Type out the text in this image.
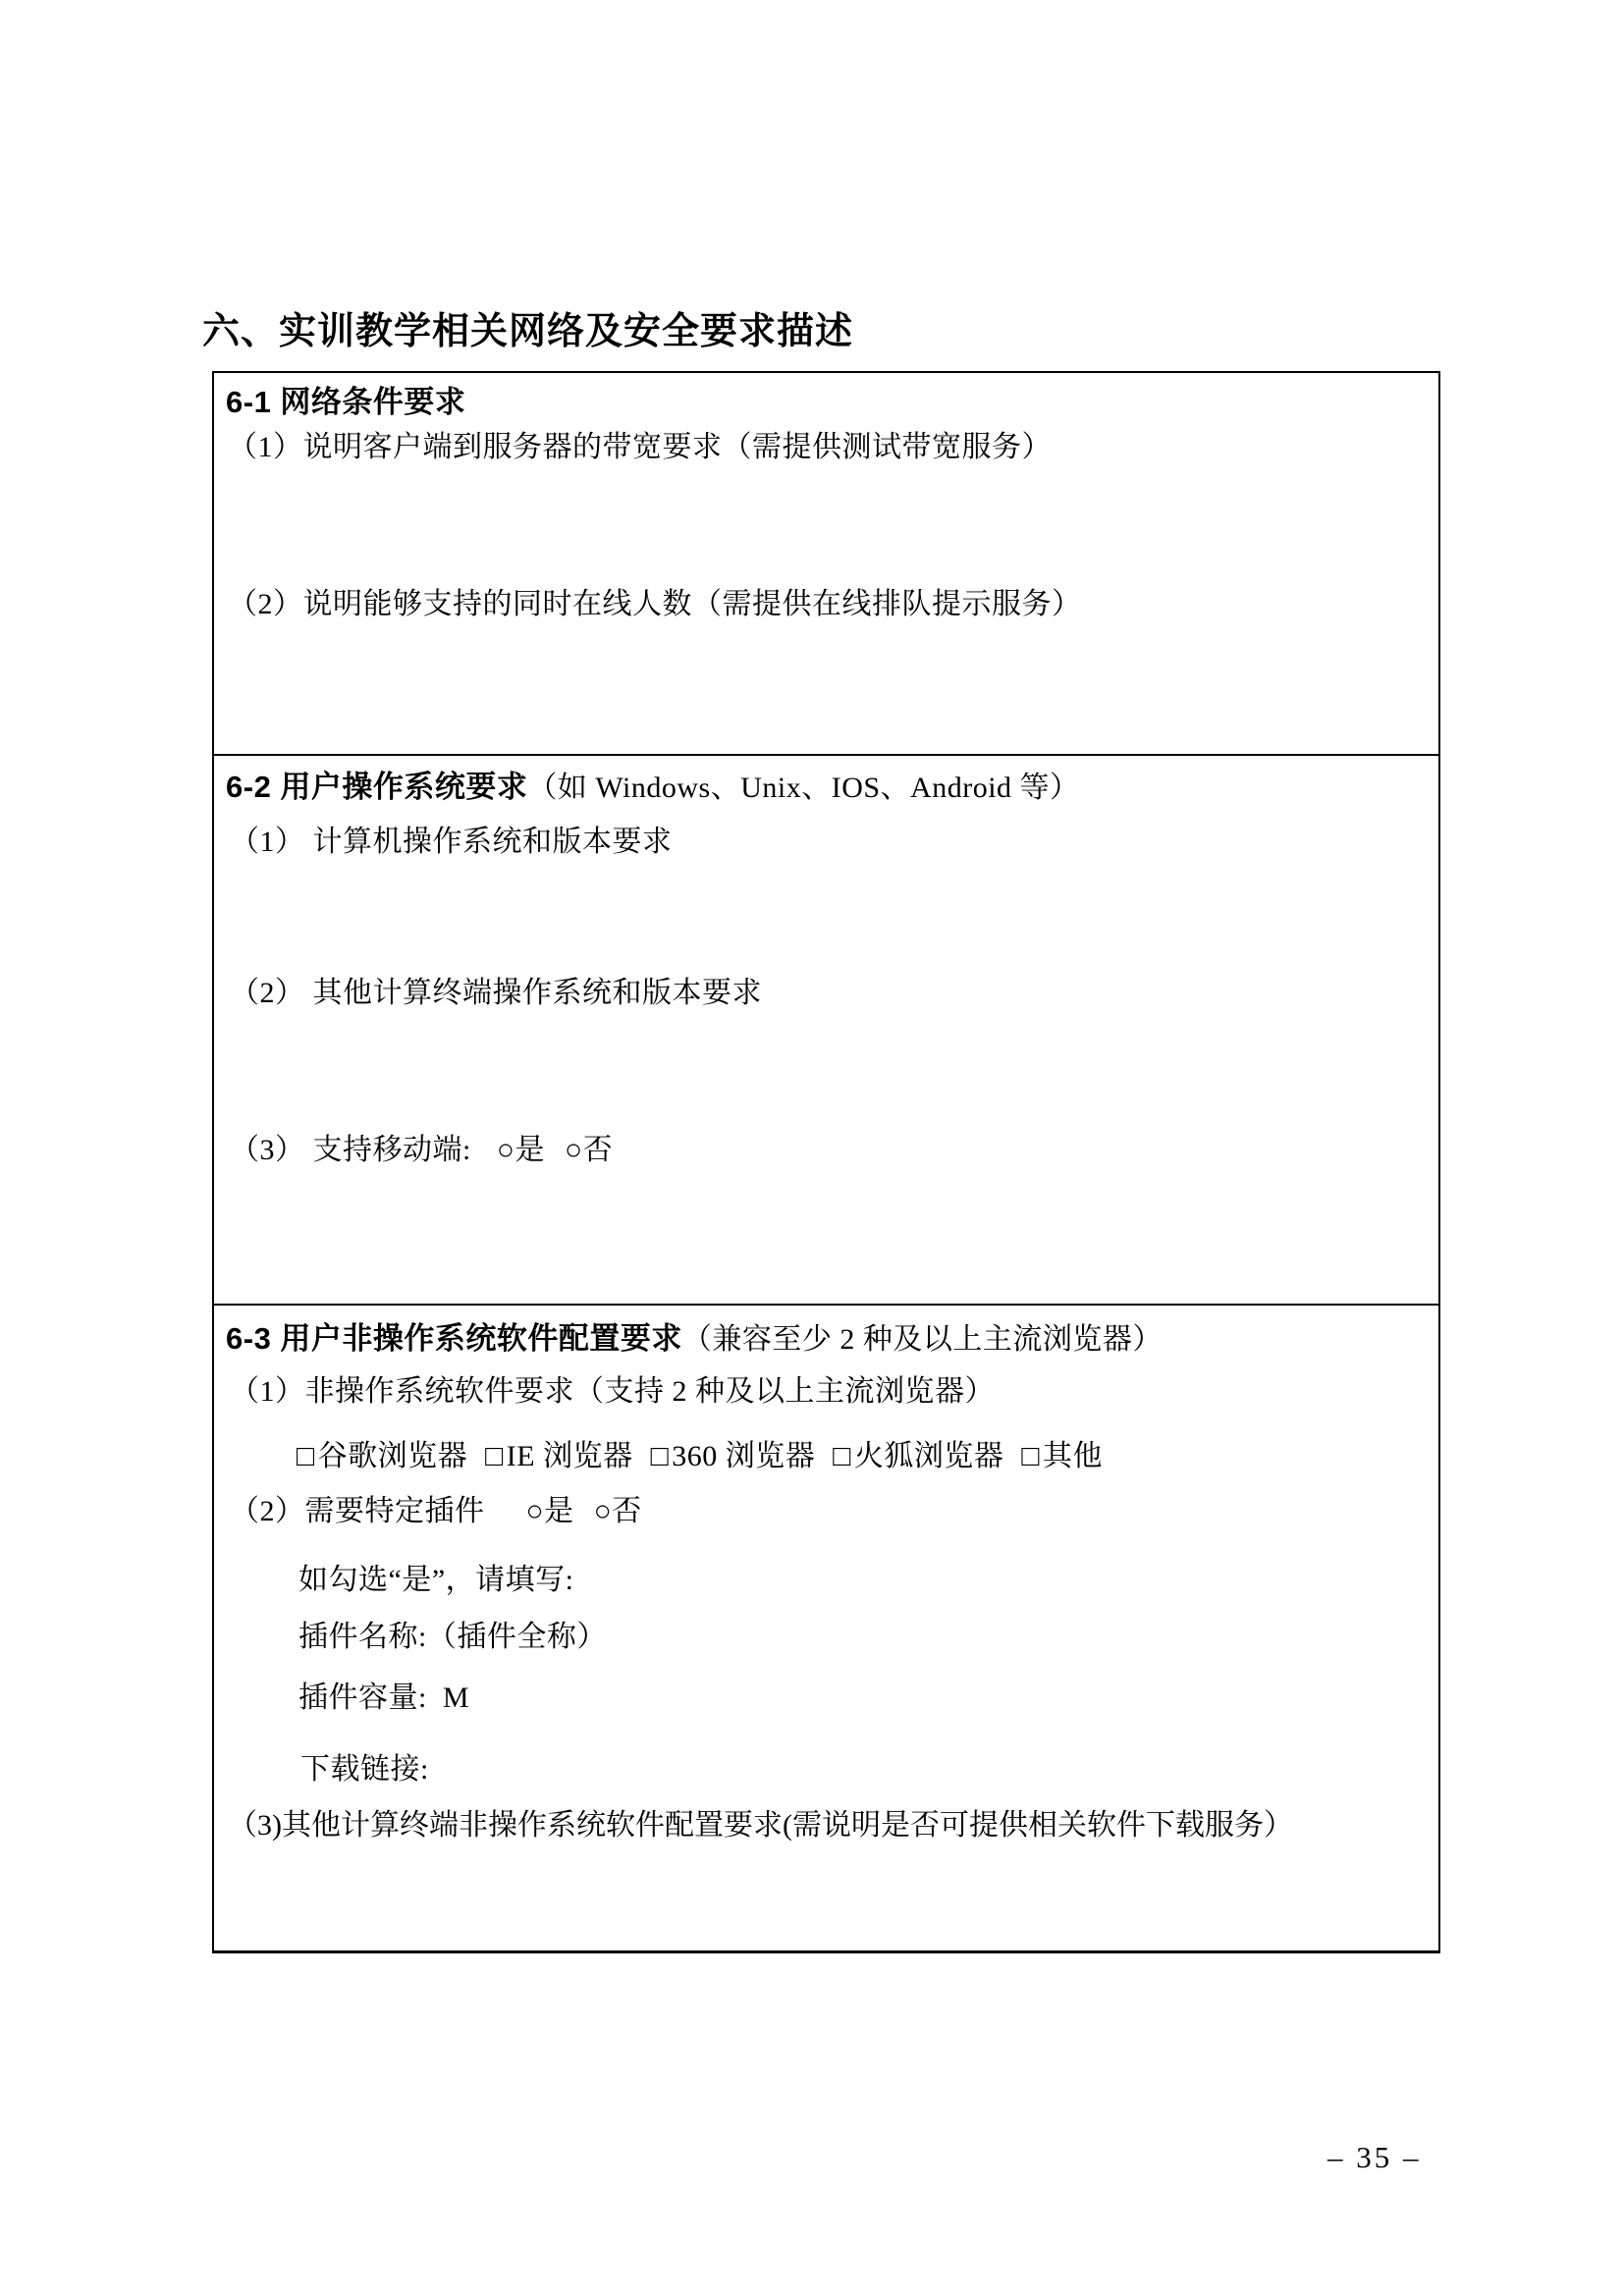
六、实训教学相关网络及安全要求描述
6-1 网络条件要求
（1）说明客户端到服务器的带宽要求（需提供测试带宽服务）
（2）说明能够支持的同时在线人数（需提供在线排队提示服务）
6-2 用户操作系统要求（如 Windows、Unix、IOS、Android 等）
（1） 计算机操作系统和版本要求
（2） 其他计算终端操作系统和版本要求
（3） 支持移动端: ○是 ○否
6-3 用户非操作系统软件配置要求（兼容至少 2 种及以上主流浏览器）
（1）非操作系统软件要求（支持 2 种及以上主流浏览器）
□ 谷歌浏览器 □ IE 浏览器 □ 360 浏览器 □ 火狐浏览器 □ 其他
（2）需要特定插件 ○是 ○否
如勾选“是”，请填写:
插件名称:（插件全称）
插件容量: M
下载链接:
（3)其他计算终端非操作系统软件配置要求(需说明是否可提供相关软件下载服务）
– 35 –
